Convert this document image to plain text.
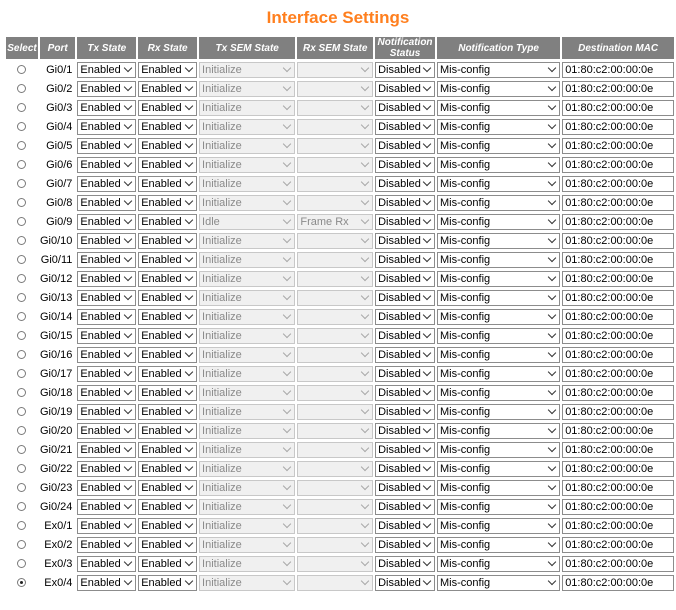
Interface Settings
Select	Port	Tx State	Rx State	Tx SEM State	Rx SEM State	Notification Status	Notification Type	Destination MAC
	Gi0/1	Enabled	Enabled	Initialize		Disabled	Mis-config	01:80:c2:00:00:0e

	Gi0/2	Enabled	Enabled	Initialize		Disabled	Mis-config	01:80:c2:00:00:0e

	Gi0/3	Enabled	Enabled	Initialize		Disabled	Mis-config	01:80:c2:00:00:0e

	Gi0/4	Enabled	Enabled	Initialize		Disabled	Mis-config	01:80:c2:00:00:0e

	Gi0/5	Enabled	Enabled	Initialize		Disabled	Mis-config	01:80:c2:00:00:0e

	Gi0/6	Enabled	Enabled	Initialize		Disabled	Mis-config	01:80:c2:00:00:0e

	Gi0/7	Enabled	Enabled	Initialize		Disabled	Mis-config	01:80:c2:00:00:0e

	Gi0/8	Enabled	Enabled	Initialize		Disabled	Mis-config	01:80:c2:00:00:0e

	Gi0/9	Enabled	Enabled	Idle	Frame Rx	Disabled	Mis-config	01:80:c2:00:00:0e

	Gi0/10	Enabled	Enabled	Initialize		Disabled	Mis-config	01:80:c2:00:00:0e

	Gi0/11	Enabled	Enabled	Initialize		Disabled	Mis-config	01:80:c2:00:00:0e

	Gi0/12	Enabled	Enabled	Initialize		Disabled	Mis-config	01:80:c2:00:00:0e

	Gi0/13	Enabled	Enabled	Initialize		Disabled	Mis-config	01:80:c2:00:00:0e

	Gi0/14	Enabled	Enabled	Initialize		Disabled	Mis-config	01:80:c2:00:00:0e

	Gi0/15	Enabled	Enabled	Initialize		Disabled	Mis-config	01:80:c2:00:00:0e

	Gi0/16	Enabled	Enabled	Initialize		Disabled	Mis-config	01:80:c2:00:00:0e

	Gi0/17	Enabled	Enabled	Initialize		Disabled	Mis-config	01:80:c2:00:00:0e

	Gi0/18	Enabled	Enabled	Initialize		Disabled	Mis-config	01:80:c2:00:00:0e

	Gi0/19	Enabled	Enabled	Initialize		Disabled	Mis-config	01:80:c2:00:00:0e

	Gi0/20	Enabled	Enabled	Initialize		Disabled	Mis-config	01:80:c2:00:00:0e

	Gi0/21	Enabled	Enabled	Initialize		Disabled	Mis-config	01:80:c2:00:00:0e

	Gi0/22	Enabled	Enabled	Initialize		Disabled	Mis-config	01:80:c2:00:00:0e

	Gi0/23	Enabled	Enabled	Initialize		Disabled	Mis-config	01:80:c2:00:00:0e

	Gi0/24	Enabled	Enabled	Initialize		Disabled	Mis-config	01:80:c2:00:00:0e

	Ex0/1	Enabled	Enabled	Initialize		Disabled	Mis-config	01:80:c2:00:00:0e

	Ex0/2	Enabled	Enabled	Initialize		Disabled	Mis-config	01:80:c2:00:00:0e

	Ex0/3	Enabled	Enabled	Initialize		Disabled	Mis-config	01:80:c2:00:00:0e

	Ex0/4	Enabled	Enabled	Initialize		Disabled	Mis-config	01:80:c2:00:00:0e
